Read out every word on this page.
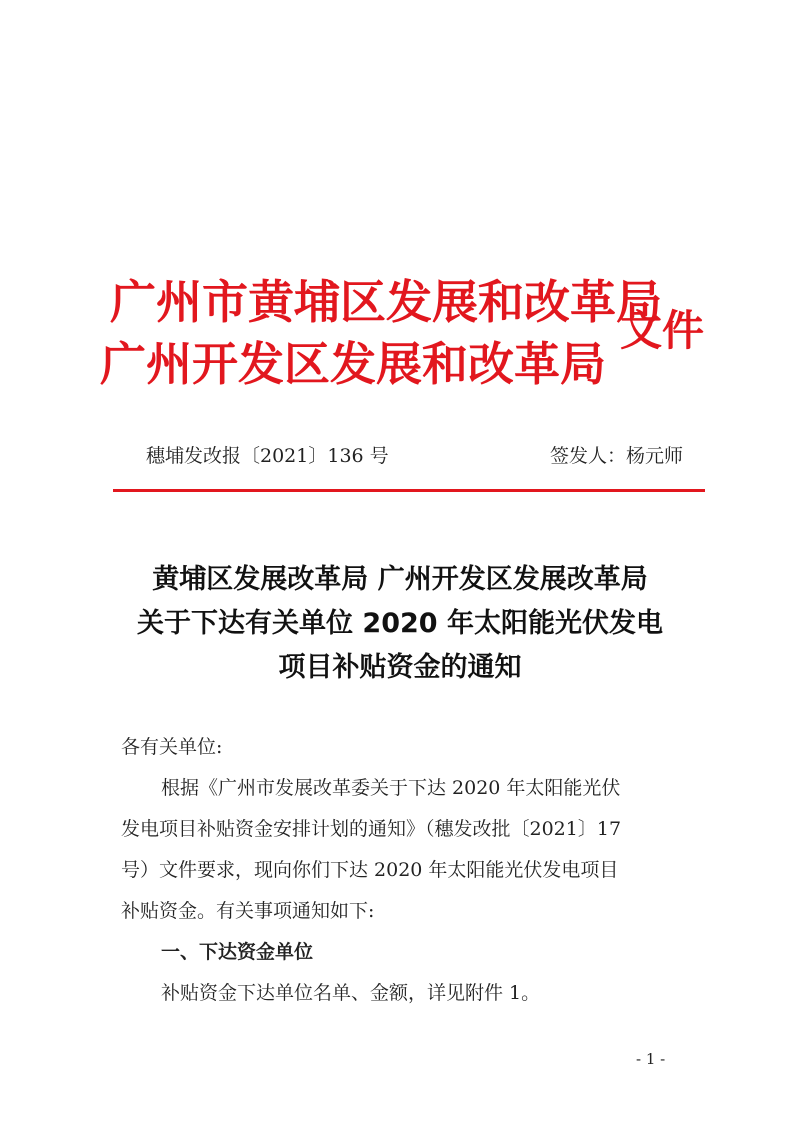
广州市黄埔区发展和改革局
广州开发区发展和改革局
文件
穗埔发改报〔2021〕136 号	签发人：杨元师
黄埔区发展改革局 广州开发区发展改革局
关于下达有关单位 2020 年太阳能光伏发电
项目补贴资金的通知
各有关单位:
根据《广州市发展改革委关于下达 2020 年太阳能光伏
发电项目补贴资金安排计划的通知》（穗发改批〔2021〕17
号）文件要求，现向你们下达 2020 年太阳能光伏发电项目
补贴资金。有关事项通知如下:
一、下达资金单位
补贴资金下达单位名单、金额，详见附件 1。
- 1 -
